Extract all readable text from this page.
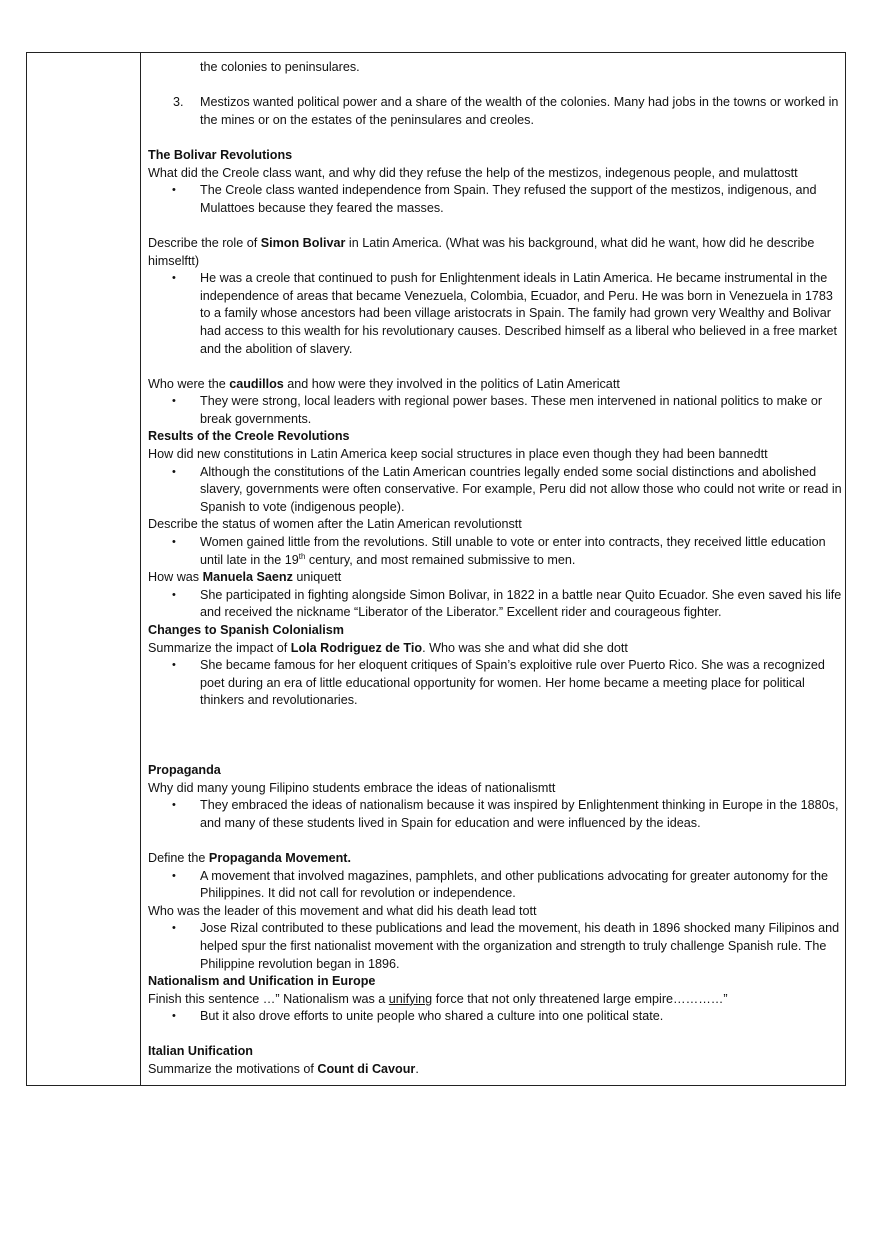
the colonies to peninsulares.

3. Mestizos wanted political power and a share of the wealth of the colonies. Many had jobs in the towns or worked in the mines or on the estates of the peninsulares and creoles.

The Bolivar Revolutions

What did the Creole class want, and why did they refuse the help of the mestizos, indegenous people, and mulattostt

• The Creole class wanted independence from Spain. They refused the support of the mestizos, indigenous, and Mulattoes because they feared the masses.

Describe the role of Simon Bolivar in Latin America. (What was his background, what did he want, how did he describe himselftt)

• He was a creole that continued to push for Enlightenment ideals in Latin America. He became instrumental in the independence of areas that became Venezuela, Colombia, Ecuador, and Peru. He was born in Venezuela in 1783 to a family whose ancestors had been village aristocrats in Spain. The family had grown very Wealthy and Bolivar had access to this wealth for his revolutionary causes. Described himself as a liberal who believed in a free market and the abolition of slavery.

Who were the caudillos and how were they involved in the politics of Latin Americatt

• They were strong, local leaders with regional power bases. These men intervened in national politics to make or break governments.

Results of the Creole Revolutions

How did new constitutions in Latin America keep social structures in place even though they had been bannedtt

• Although the constitutions of the Latin American countries legally ended some social distinctions and abolished slavery, governments were often conservative. For example, Peru did not allow those who could not write or read in Spanish to vote (indigenous people).

Describe the status of women after the Latin American revolutionstt

• Women gained little from the revolutions. Still unable to vote or enter into contracts, they received little education until late in the 19th century, and most remained submissive to men.

How was Manuela Saenz uniquett

• She participated in fighting alongside Simon Bolivar, in 1822 in a battle near Quito Ecuador. She even saved his life and received the nickname “Liberator of the Liberator.” Excellent rider and courageous fighter.

Changes to Spanish Colonialism

Summarize the impact of Lola Rodriguez de Tio. Who was she and what did she dott

• She became famous for her eloquent critiques of Spain’s exploitive rule over Puerto Rico. She was a recognized poet during an era of little educational opportunity for women. Her home became a meeting place for political thinkers and revolutionaries.

Propaganda

Why did many young Filipino students embrace the ideas of nationalismtt

• They embraced the ideas of nationalism because it was inspired by Enlightenment thinking in Europe in the 1880s, and many of these students lived in Spain for education and were influenced by the ideas.

Define the Propaganda Movement.

• A movement that involved magazines, pamphlets, and other publications advocating for greater autonomy for the Philippines. It did not call for revolution or independence.

Who was the leader of this movement and what did his death lead tott

• Jose Rizal contributed to these publications and lead the movement, his death in 1896 shocked many Filipinos and helped spur the first nationalist movement with the organization and strength to truly challenge Spanish rule. The Philippine revolution began in 1896.

Nationalism and Unification in Europe

Finish this sentence …” Nationalism was a unifying force that not only threatened large empire…………”

• But it also drove efforts to unite people who shared a culture into one political state.

Italian Unification

Summarize the motivations of Count di Cavour.
